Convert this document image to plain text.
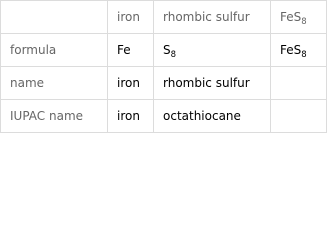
	iron	rhombic sulfur	FeS$_8$
formula	Fe	$S_8$	FeS$_8$
name	iron	rhombic sulfur	
IUPAC name	iron	octathiocane	
